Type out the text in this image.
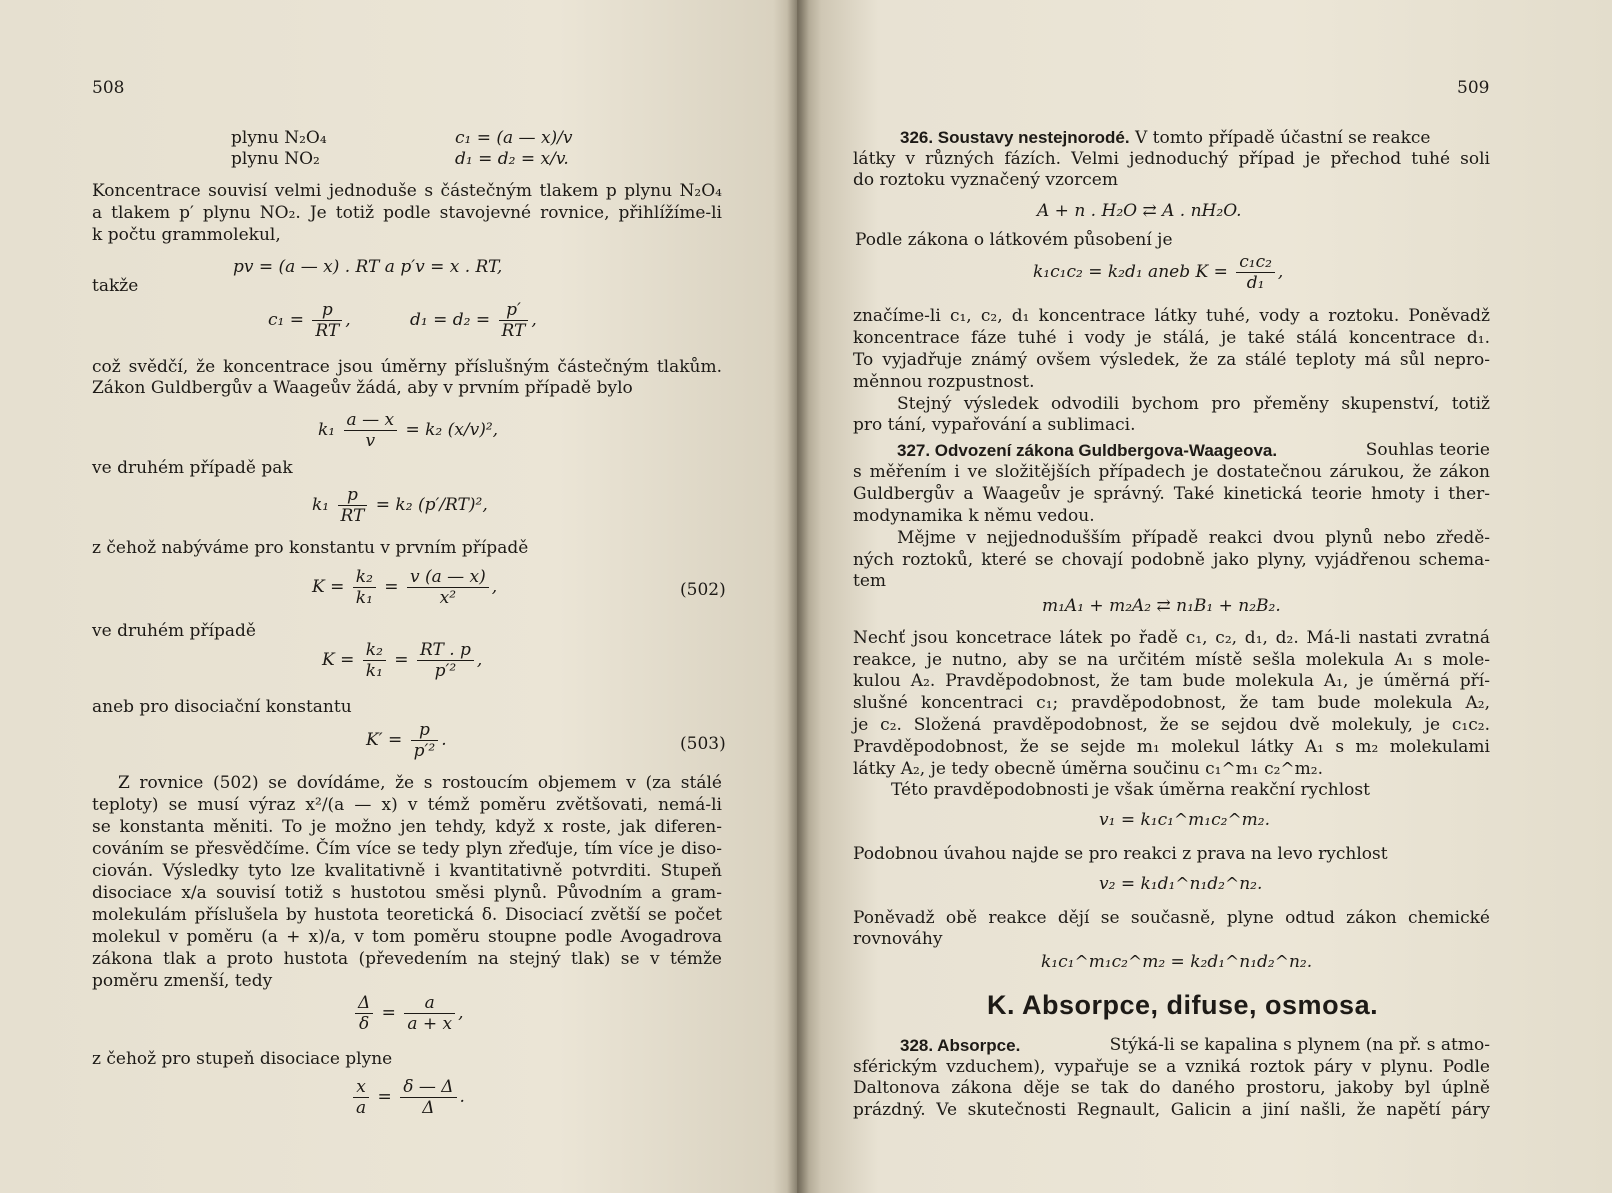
508
plynu N₂O₄	c₁ = (a — x)/v
plynu NO₂	d₁ = d₂ = x/v.
Koncentrace souvisí velmi jednoduše s částečným tlakem p plynu N₂O₄
a tlakem p′ plynu NO₂. Je totiž podle stavojevné rovnice, přihlížíme-li
k počtu grammolekul,
pv = (a — x) . RT a p′v = x . RT,
takže
$c_1 = \frac{p}{RT}$ ,	$d_1 = d_2 = \frac{p'}{RT}$ ,
což svědčí, že koncentrace jsou úměrny příslušným částečným tlakům.
Zákon Guldbergův a Waageův žádá, aby v prvním případě bylo
$k_1 \frac{a — x}{v} = k_2$ (x/v)²,
ve druhém případě pak
$k_1 \frac{p}{RT} = k_2$ (p′/RT)²,
z čehož nabýváme pro konstantu v prvním případě
$K = \frac{\text{k₂}}{\text{k₁}} = \frac{v (a — x)}{\text{x²}}$ ,	(502)
ve druhém případě
$K = \frac{\text{k₂}}{\text{k₁}} = \frac{RT . p}{\text{p′²}}$ ,
aneb pro disociační konstantu
$K' = \frac{p}{\text{p′²}}$ .	(503)
Z rovnice (502) se dovídáme, že s rostoucím objemem v (za stálé
teploty) se musí výraz x²/(a — x) v témž poměru zvětšovati, nemá-li
se konstanta měniti. To je možno jen tehdy, když x roste, jak diferen-
cováním se přesvědčíme. Čím více se tedy plyn zřeďuje, tím více je diso-
ciován. Výsledky tyto lze kvalitativně i kvantitativně potvrditi. Stupeň
disociace x/a souvisí totiž s hustotou směsi plynů. Původním a gram-
molekulám příslušela by hustota teoretická δ. Disociací zvětší se počet
molekul v poměru (a + x)/a, v tom poměru stoupne podle Avogadrova
zákona tlak a proto hustota (převedením na stejný tlak) se v témže
poměru zmenší, tedy
$\frac{\Delta}{\delta} = \frac{a}{a + x}$ ,
z čehož pro stupeň disociace plyne
$\frac{x}{a} = \frac{\delta — \Delta}{\Delta}$ .
509
326. Soustavy nestejnorodé. V tomto případě účastní se reakce
látky v různých fázích. Velmi jednoduchý případ je přechod tuhé soli
do roztoku vyznačený vzorcem
A + n . H₂O ⇄ A . nH₂O.
Podle zákona o látkovém působení je
k₁c₁c₂ = k₂d₁ aneb $K = \frac{\text{c₁c₂}}{\text{d₁}}$ ,
značíme-li c₁, c₂, d₁ koncentrace látky tuhé, vody a roztoku. Poněvadž
koncentrace fáze tuhé i vody je stálá, je také stálá koncentrace d₁.
To vyjadřuje známý ovšem výsledek, že za stálé teploty má sůl nepro-
měnnou rozpustnost.
Stejný výsledek odvodili bychom pro přeměny skupenství, totiž
pro tání, vypařování a sublimaci.
327. Odvození zákona Guldbergova-Waageova.	Souhlas teorie
s měřením i ve složitějších případech je dostatečnou zárukou, že zákon
Guldbergův a Waageův je správný. Také kinetická teorie hmoty i ther-
modynamika k němu vedou.
Mějme v nejjednodušším případě reakci dvou plynů nebo zředě-
ných roztoků, které se chovají podobně jako plyny, vyjádřenou schema-
tem
m₁A₁ + m₂A₂ ⇄ n₁B₁ + n₂B₂.
Nechť jsou koncetrace látek po řadě c₁, c₂, d₁, d₂. Má-li nastati zvratná
reakce, je nutno, aby se na určitém místě sešla molekula A₁ s mole-
kulou A₂. Pravděpodobnost, že tam bude molekula A₁, je úměrná pří-
slušné koncentraci c₁; pravděpodobnost, že tam bude molekula A₂,
je c₂. Složená pravděpodobnost, že se sejdou dvě molekuly, je c₁c₂.
Pravděpodobnost, že se sejde m₁ molekul látky A₁ s m₂ molekulami
látky A₂, je tedy obecně úměrna součinu c₁^m₁ c₂^m₂.
Této pravděpodobnosti je však úměrna reakční rychlost
v₁ = k₁c₁^m₁c₂^m₂.
Podobnou úvahou najde se pro reakci z prava na levo rychlost
v₂ = k₁d₁^n₁d₂^n₂.
Poněvadž obě reakce dějí se současně, plyne odtud zákon chemické
rovnováhy
k₁c₁^m₁c₂^m₂ = k₂d₁^n₁d₂^n₂.
K. Absorpce, difuse, osmosa.
328. Absorpce.	Stýká-li se kapalina s plynem (na př. s atmo-
sférickým vzduchem), vypařuje se a vzniká roztok páry v plynu. Podle
Daltonova zákona děje se tak do daného prostoru, jakoby byl úplně
prázdný. Ve skutečnosti Regnault, Galicin a jiní našli, že napětí páry
